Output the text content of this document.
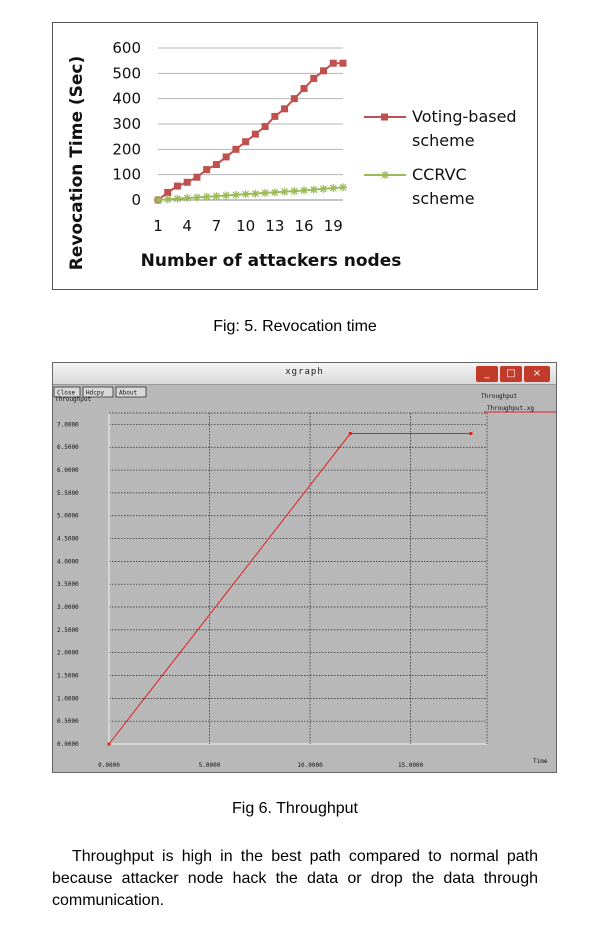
0
100
200
300
400
500
600
1 4 7 10 13 16 19
Voting-based
scheme
CCRVC
scheme
Revocation Time (Sec)	Number of attackers nodes
Fig: 5. Revocation time
xgraph	_	□	×
Close Hdcpy About
Throughput	Throughput
Throughput.xg
0.0000
0.5000
1.0000
1.5000
2.0000
2.5000
3.0000
3.5000
4.0000
4.5000
5.0000
5.5000
6.0000
6.5000
7.0000
0.0000	5.0000	10.0000	15.0000
Time
Fig 6. Throughput

Throughput is high in the best path compared to normal path because attacker node hack the data or drop the data through communication.
